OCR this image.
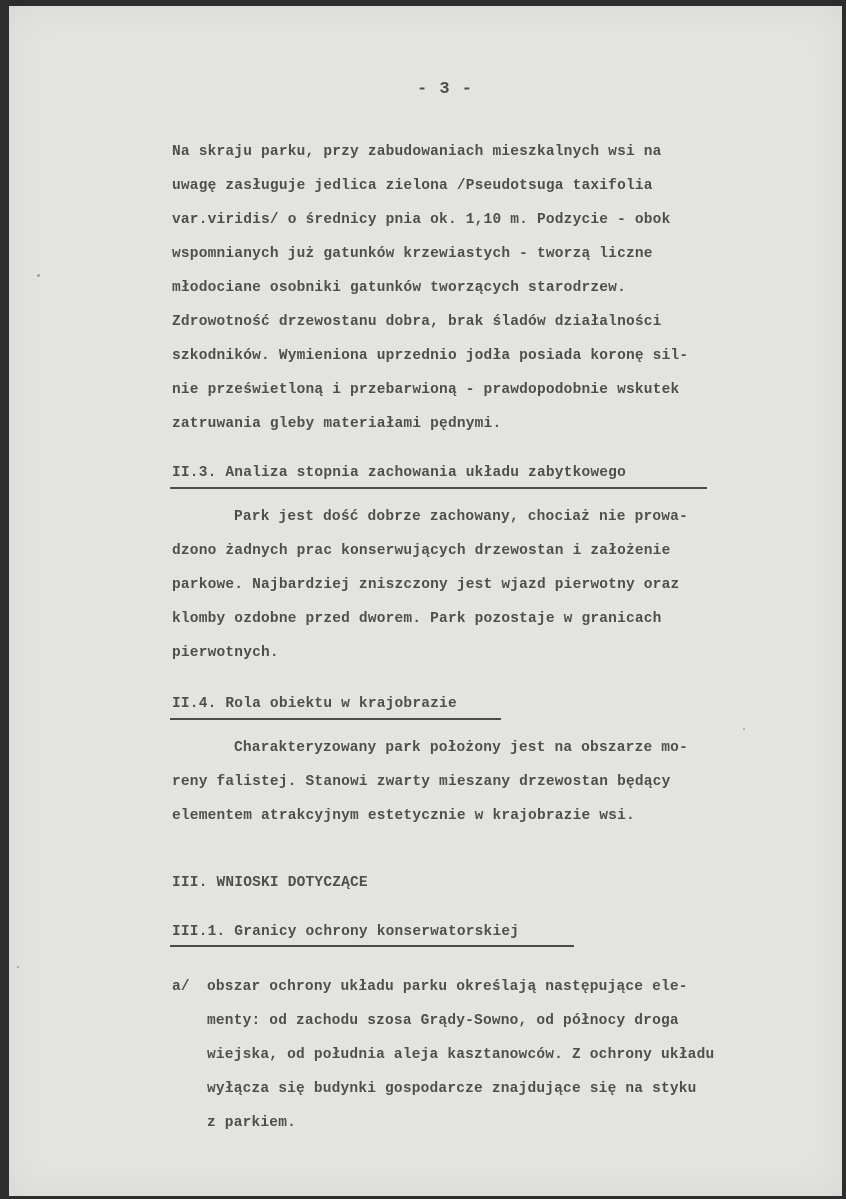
- 3 -
Na skraju parku, przy zabudowaniach mieszkalnych wsi na
uwagę zasługuje jedlica zielona /Pseudotsuga taxifolia
var.viridis/ o średnicy pnia ok. 1,10 m. Podzycie - obok
wspomnianych już gatunków krzewiastych - tworzą liczne
młodociane osobniki gatunków tworzących starodrzew.
Zdrowotność drzewostanu dobra, brak śladów działalności
szkodników. Wymieniona uprzednio jodła posiada koronę sil-
nie prześwietloną i przebarwioną - prawdopodobnie wskutek
zatruwania gleby materiałami pędnymi.
II.3. Analiza stopnia zachowania układu zabytkowego
Park jest dość dobrze zachowany, chociaż nie prowa-
dzono żadnych prac konserwujących drzewostan i założenie
parkowe. Najbardziej zniszczony jest wjazd pierwotny oraz
klomby ozdobne przed dworem. Park pozostaje w granicach
pierwotnych.
II.4. Rola obiektu w krajobrazie
Charakteryzowany park położony jest na obszarze mo-
reny falistej. Stanowi zwarty mieszany drzewostan będący
elementem atrakcyjnym estetycznie w krajobrazie wsi.
III. WNIOSKI DOTYCZĄCE
III.1. Granicy ochrony konserwatorskiej
a/ obszar ochrony układu parku określają następujące ele-
menty: od zachodu szosa Grądy-Sowno, od północy droga
wiejska, od południa aleja kasztanowców. Z ochrony układu
wyłącza się budynki gospodarcze znajdujące się na styku
z parkiem.
